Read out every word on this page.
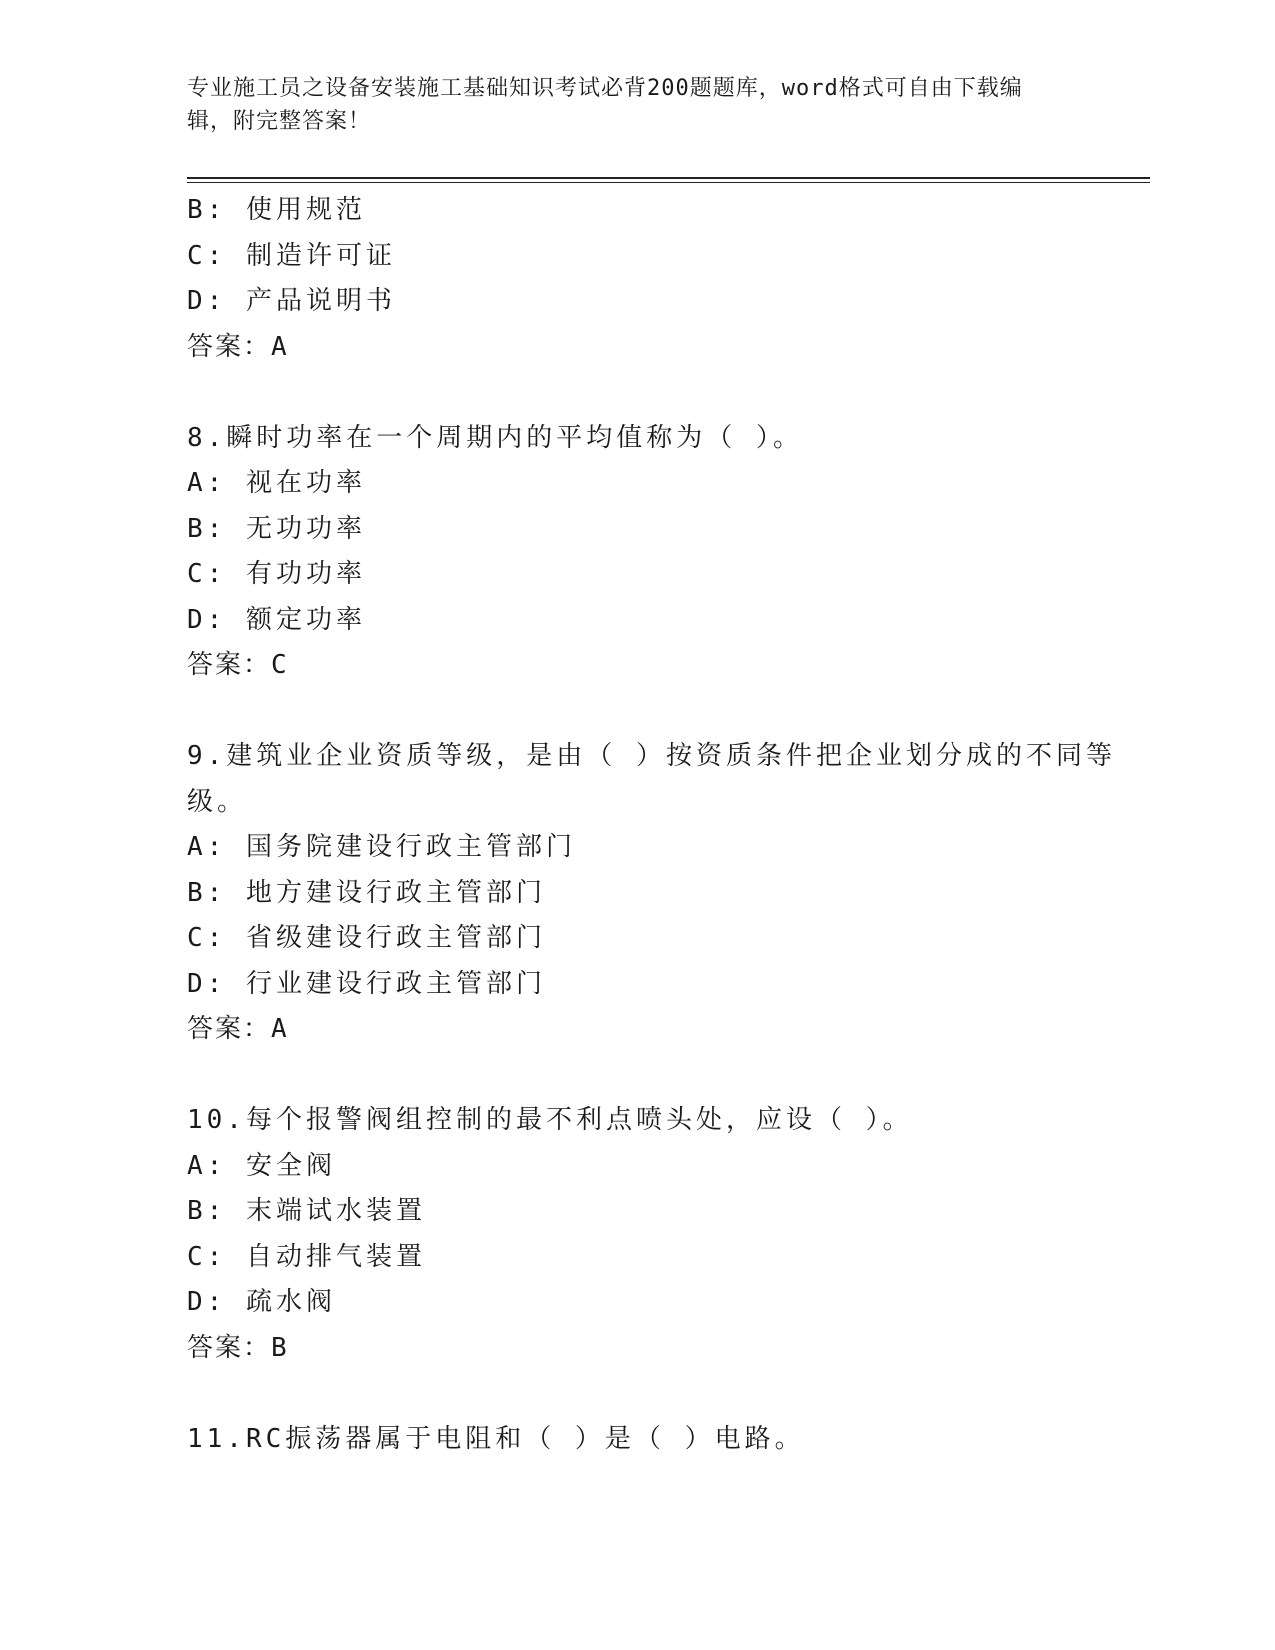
专业施工员之设备安装施工基础知识考试必背200题题库，word格式可自由下载编辑，附完整答案！
B: 使用规范
C: 制造许可证
D: 产品说明书
答案：A
8.瞬时功率在一个周期内的平均值称为（ ）。
A: 视在功率
B: 无功功率
C: 有功功率
D: 额定功率
答案：C
9.建筑业企业资质等级，是由（ ）按资质条件把企业划分成的不同等
级。
A: 国务院建设行政主管部门
B: 地方建设行政主管部门
C: 省级建设行政主管部门
D: 行业建设行政主管部门
答案：A
10.每个报警阀组控制的最不利点喷头处，应设（ ）。
A: 安全阀
B: 末端试水装置
C: 自动排气装置
D: 疏水阀
答案：B
11.RC振荡器属于电阻和（ ）是（ ）电路。
